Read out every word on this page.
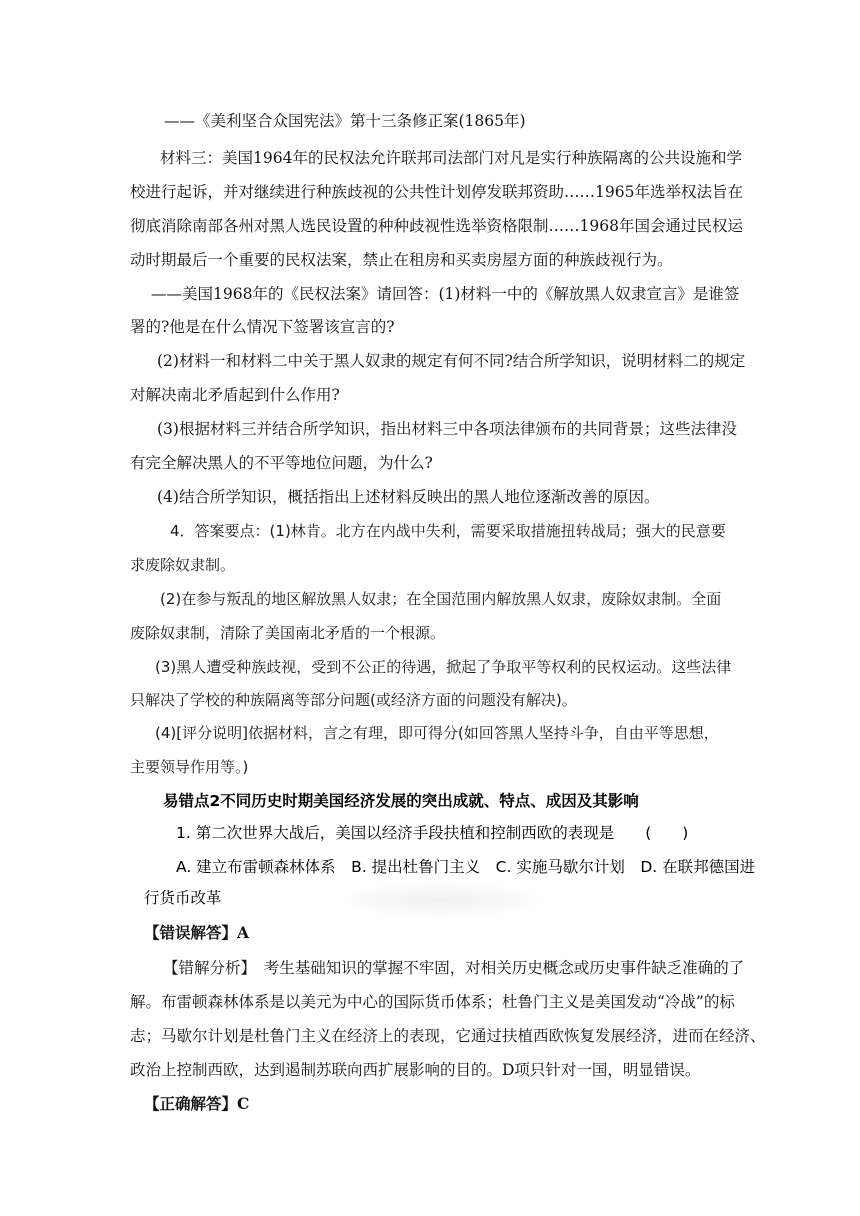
——《美利坚合众国宪法》第十三条修正案(1865年)
材料三：美国1964年的民权法允许联邦司法部门对凡是实行种族隔离的公共设施和学
校进行起诉，并对继续进行种族歧视的公共性计划停发联邦资助……1965年选举权法旨在
彻底消除南部各州对黑人选民设置的种种歧视性选举资格限制……1968年国会通过民权运
动时期最后一个重要的民权法案，禁止在租房和买卖房屋方面的种族歧视行为。
——美国1968年的《民权法案》请回答：(1)材料一中的《解放黑人奴隶宣言》是谁签
署的?他是在什么情况下签署该宣言的?
(2)材料一和材料二中关于黑人奴隶的规定有何不同?结合所学知识，说明材料二的规定
对解决南北矛盾起到什么作用?
(3)根据材料三并结合所学知识，指出材料三中各项法律颁布的共同背景；这些法律没
有完全解决黑人的不平等地位问题，为什么?
(4)结合所学知识，概括指出上述材料反映出的黑人地位逐渐改善的原因。
4．答案要点：(1)林肯。北方在内战中失利，需要采取措施扭转战局；强大的民意要
求废除奴隶制。
(2)在参与叛乱的地区解放黑人奴隶；在全国范围内解放黑人奴隶，废除奴隶制。全面
废除奴隶制，清除了美国南北矛盾的一个根源。
(3)黑人遭受种族歧视，受到不公正的待遇，掀起了争取平等权利的民权运动。这些法律
只解决了学校的种族隔离等部分问题(或经济方面的问题没有解决)。
(4)[评分说明]依据材料，言之有理，即可得分(如回答黑人坚持斗争，自由平等思想，
主要领导作用等。)
易错点2不同历史时期美国经济发展的突出成就、特点、成因及其影响
1. 第二次世界大战后，美国以经济手段扶植和控制西欧的表现是　　(　　)
A. 建立布雷顿森林体系　B. 提出杜鲁门主义　C. 实施马歇尔计划　D. 在联邦德国进
行货币改革
【错误解答】A
【错解分析】　考生基础知识的掌握不牢固，对相关历史概念或历史事件缺乏准确的了
解。布雷顿森林体系是以美元为中心的国际货币体系；杜鲁门主义是美国发动“冷战”的标
志；马歇尔计划是杜鲁门主义在经济上的表现，它通过扶植西欧恢复发展经济，进而在经济、
政治上控制西欧，达到遏制苏联向西扩展影响的目的。D项只针对一国，明显错误。
【正确解答】C
